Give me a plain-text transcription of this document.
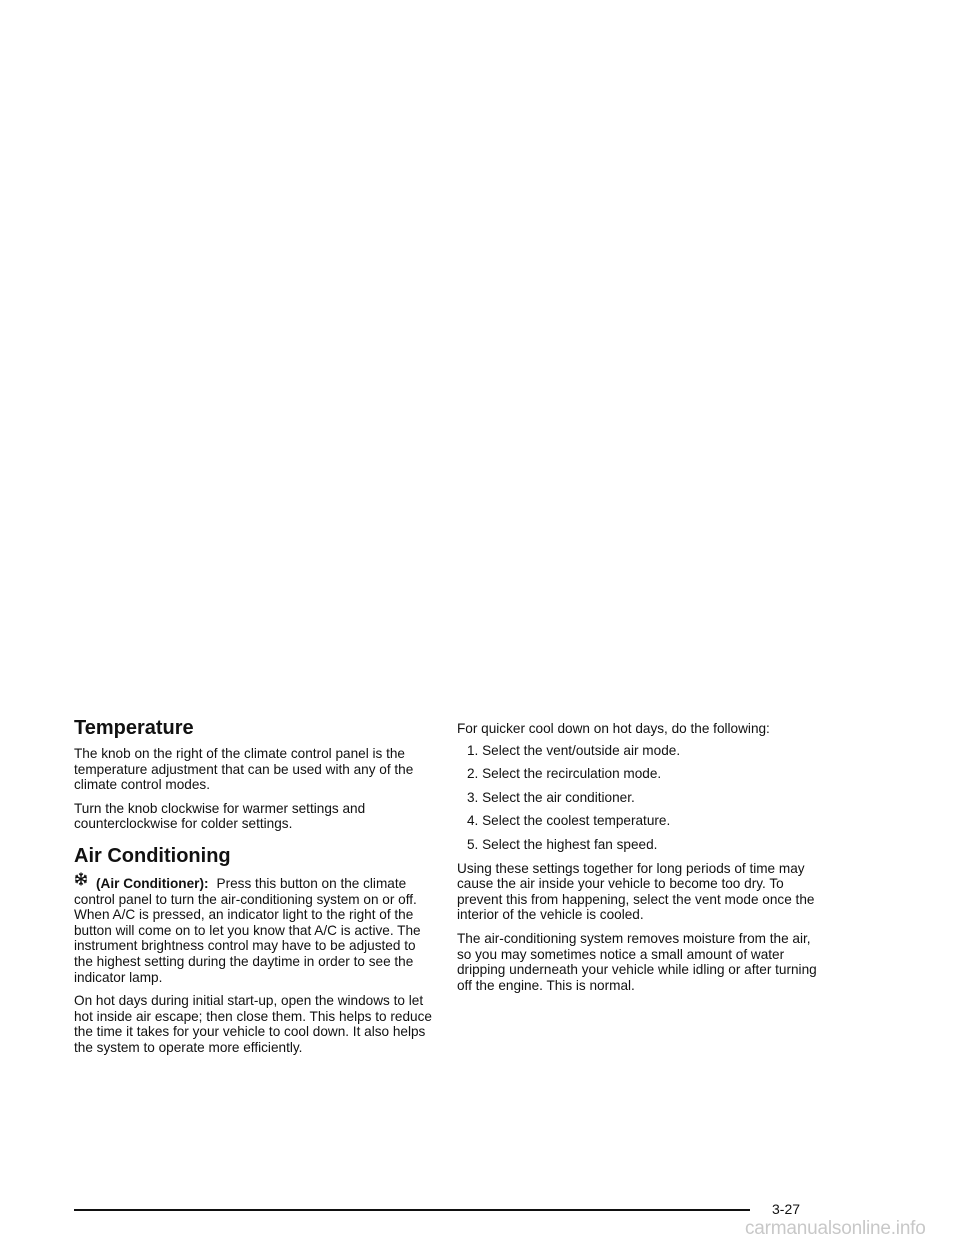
Temperature

The knob on the right of the climate control panel is the temperature adjustment that can be used with any of the climate control modes.

Turn the knob clockwise for warmer settings and counterclockwise for colder settings.

Air Conditioning

(Air Conditioner): Press this button on the climate control panel to turn the air-conditioning system on or off. When A/C is pressed, an indicator light to the right of the button will come on to let you know that A/C is active. The instrument brightness control may have to be adjusted to the highest setting during the daytime in order to see the indicator lamp.

On hot days during initial start-up, open the windows to let hot inside air escape; then close them. This helps to reduce the time it takes for your vehicle to cool down. It also helps the system to operate more efficiently.

For quicker cool down on hot days, do the following:

1. Select the vent/outside air mode.
2. Select the recirculation mode.
3. Select the air conditioner.
4. Select the coolest temperature.
5. Select the highest fan speed.

Using these settings together for long periods of time may cause the air inside your vehicle to become too dry. To prevent this from happening, select the vent mode once the interior of the vehicle is cooled.

The air-conditioning system removes moisture from the air, so you may sometimes notice a small amount of water dripping underneath your vehicle while idling or after turning off the engine. This is normal.

3-27
carmanualsonline.info
